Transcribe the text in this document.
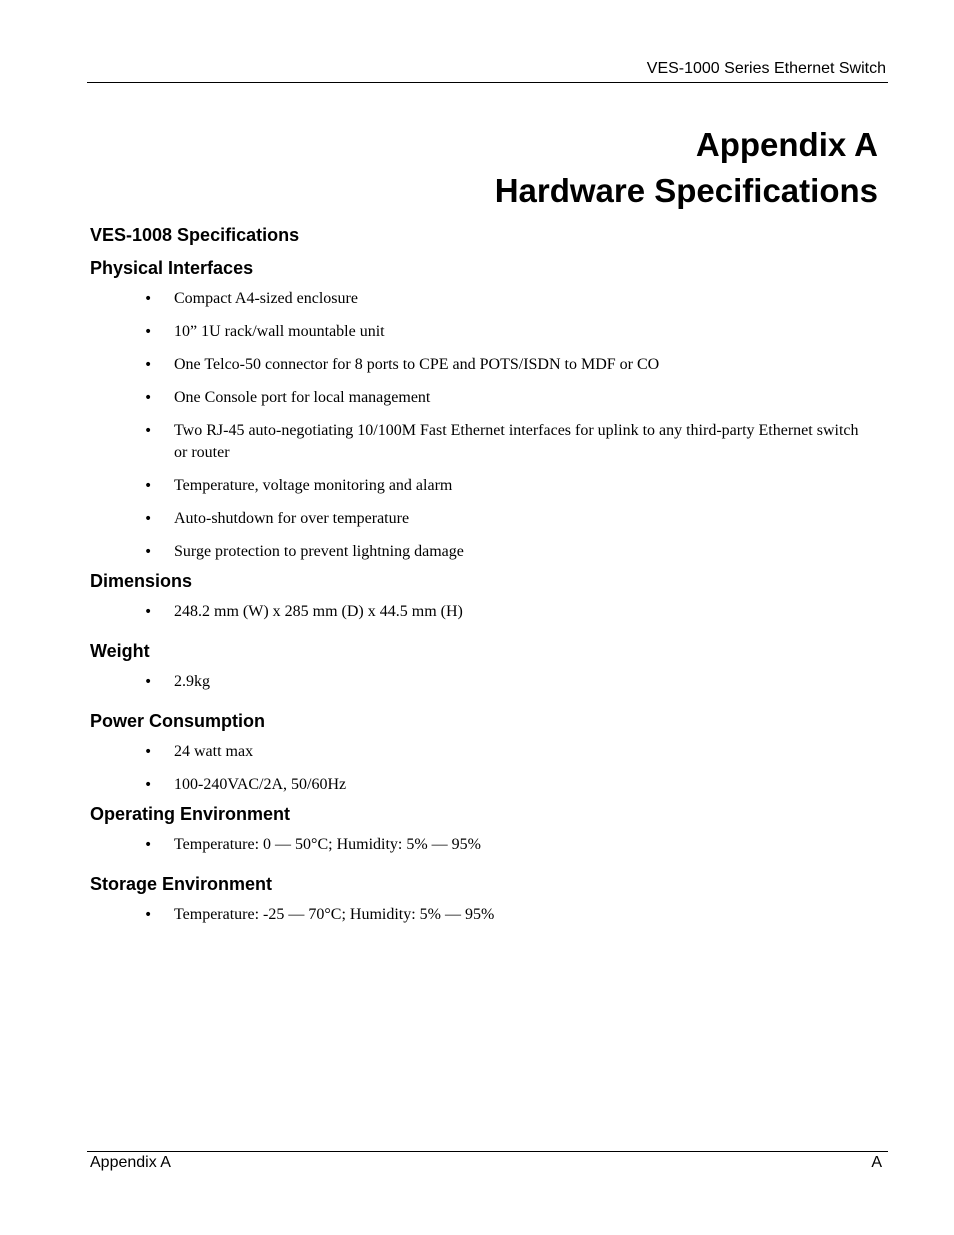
VES-1000 Series Ethernet Switch
Appendix A
Hardware Specifications
VES-1008 Specifications
Physical Interfaces
• Compact A4-sized enclosure
• 10” 1U rack/wall mountable unit
• One Telco-50 connector for 8 ports to CPE and POTS/ISDN to MDF or CO
• One Console port for local management
• Two RJ-45 auto-negotiating 10/100M Fast Ethernet interfaces for uplink to any third-party Ethernet switch or router
• Temperature, voltage monitoring and alarm
• Auto-shutdown for over temperature
• Surge protection to prevent lightning damage
Dimensions
• 248.2 mm (W) x 285 mm (D) x 44.5 mm (H)
Weight
• 2.9kg
Power Consumption
• 24 watt max
• 100-240VAC/2A, 50/60Hz
Operating Environment
• Temperature: 0 — 50°C; Humidity: 5% — 95%
Storage Environment
• Temperature: -25 — 70°C; Humidity: 5% — 95%
Appendix A	A
